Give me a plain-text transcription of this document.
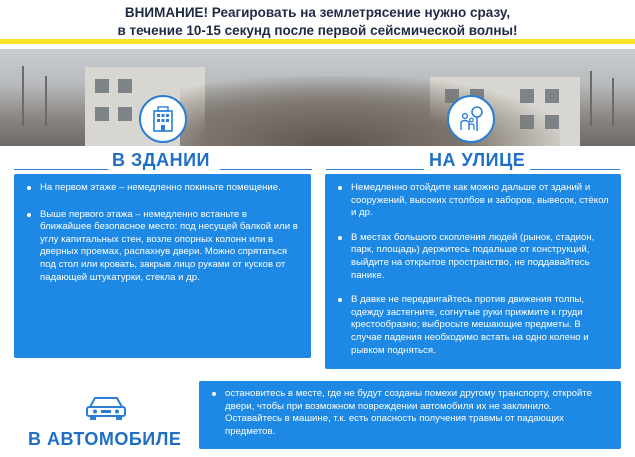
ВНИМАНИЕ! Реагировать на землетрясение нужно сразу,
в течение 10-15 секунд после первой сейсмической волны!
В ЗДАНИИ	НА УЛИЦЕ
На первом этаже – немедленно покиньте помещение.
Выше первого этажа – немедленно встаньте в ближайшее безопасное место: под несущей балкой или в углу капитальных стен, возле опорных колонн или в дверных проемах, распахнув двери. Можно спрятаться под стол или кровать, закрыв лицо руками от кусков от падающей штукатурки, стекла и др.
Немедленно отойдите как можно дальше от зданий и сооружений, высоких столбов и заборов, вывесок, стёкол и др.
В местах большого скопления людей (рынок, стадион, парк, площадь) держитесь подальше от конструкций, выйдите на открытое пространство, не поддавайтесь панике.
В давке не передвигайтесь против движения толпы, одежду застегните, согнутые руки прижмите к груди крестообразно; выбросьте мешающие предметы. В случае падения необходимо встать на одно колено и рывком подняться.
В АВТОМОБИЛЕ
остановитесь в месте, где не будут созданы помехи другому транспорту, откройте двери, чтобы при возможном повреждении автомобиля их не заклинило. Оставайтесь в машине, т.к. есть опасность получения травмы от падающих предметов.
